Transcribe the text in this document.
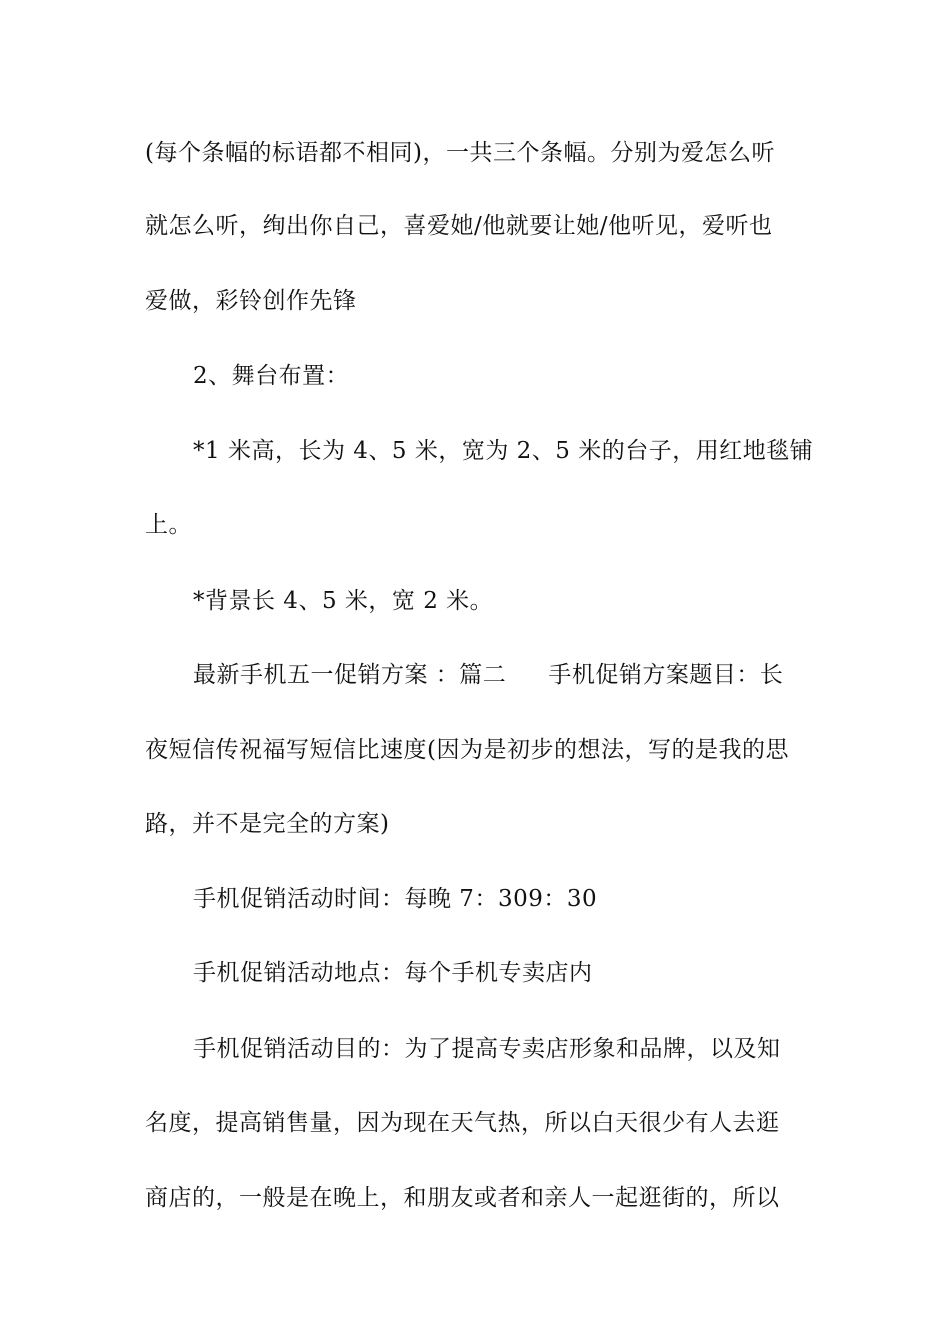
(每个条幅的标语都不相同)，一共三个条幅。分别为爱怎么听
就怎么听，绚出你自己，喜爱她/他就要让她/他听见，爱听也
爱做，彩铃创作先锋
2、舞台布置：
*1 米高，长为 4、5 米，宽为 2、5 米的台子，用红地毯铺
上。
*背景长 4、5 米，宽 2 米。
最新手机五一促销方案 ：篇二 手机促销方案题目：长
夜短信传祝福写短信比速度(因为是初步的想法，写的是我的思
路，并不是完全的方案)
手机促销活动时间：每晚 7：309：30
手机促销活动地点：每个手机专卖店内
手机促销活动目的：为了提高专卖店形象和品牌，以及知
名度，提高销售量，因为现在天气热，所以白天很少有人去逛
商店的，一般是在晚上，和朋友或者和亲人一起逛街的，所以
